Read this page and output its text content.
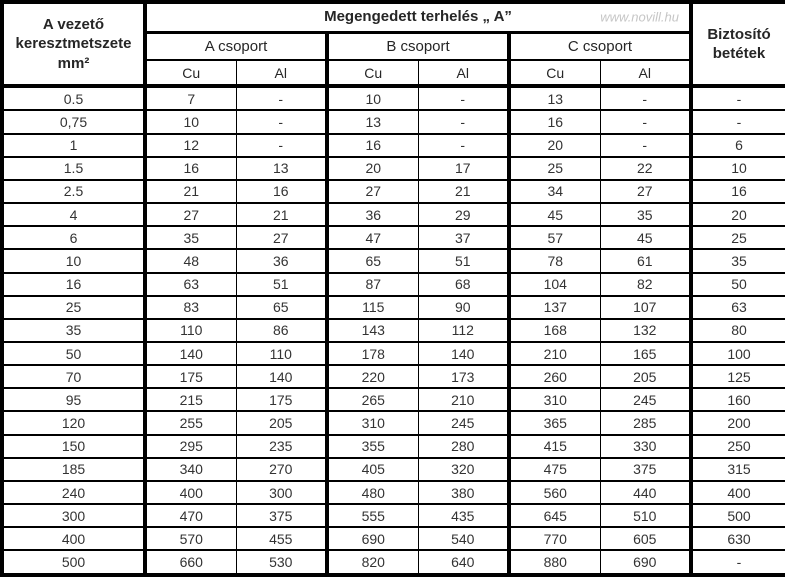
A vezető
keresztmetszete
mm²	Megengedett terhelés „ A” www.novill.hu						Biztosító
betétek

	A csoport		B csoport		C csoport		
	Cu	Al	Cu	Al	Cu	Al	
0.5	7	-	10	-	13	-	-
0,75	10	-	13	-	16	-	-
1	12	-	16	-	20	-	6
1.5	16	13	20	17	25	22	10
2.5	21	16	27	21	34	27	16
4	27	21	36	29	45	35	20
6	35	27	47	37	57	45	25
10	48	36	65	51	78	61	35
16	63	51	87	68	104	82	50
25	83	65	115	90	137	107	63
35	110	86	143	112	168	132	80
50	140	110	178	140	210	165	100
70	175	140	220	173	260	205	125
95	215	175	265	210	310	245	160
120	255	205	310	245	365	285	200
150	295	235	355	280	415	330	250
185	340	270	405	320	475	375	315
240	400	300	480	380	560	440	400
300	470	375	555	435	645	510	500
400	570	455	690	540	770	605	630
500	660	530	820	640	880	690	-
